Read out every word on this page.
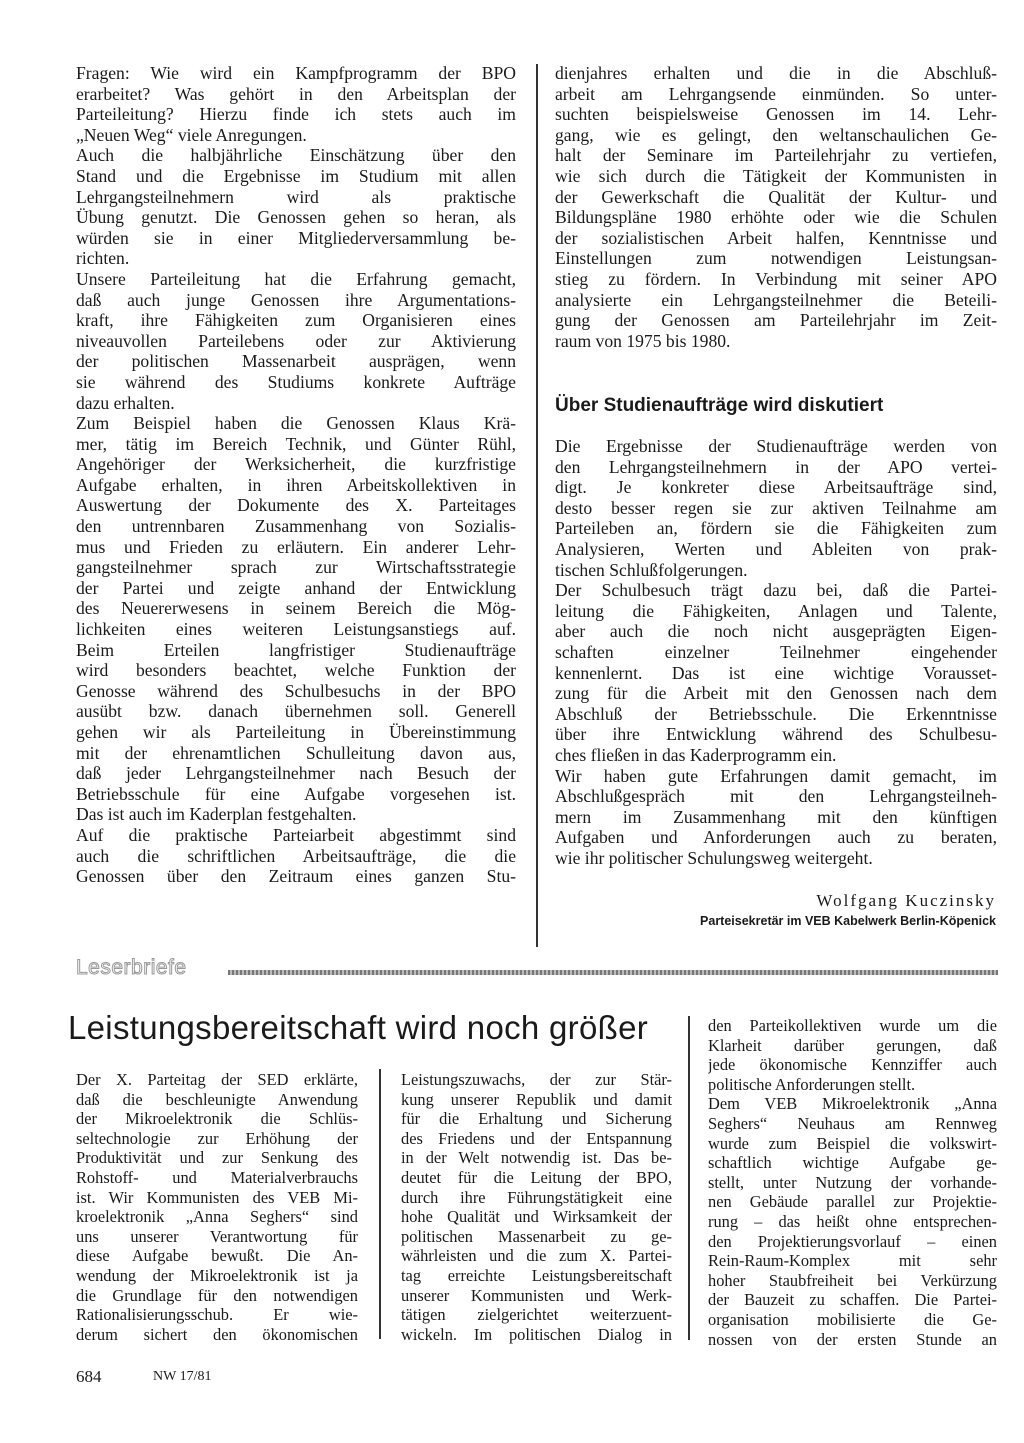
Fragen: Wie wird ein Kampfprogramm der BPO
erarbeitet? Was gehört in den Arbeitsplan der
Parteileitung? Hierzu finde ich stets auch im
„Neuen Weg“ viele Anregungen.
Auch die halbjährliche Einschätzung über den
Stand und die Ergebnisse im Studium mit allen
Lehrgangsteilnehmern wird als praktische
Übung genutzt. Die Genossen gehen so heran, als
würden sie in einer Mitgliederversammlung be-
richten.
Unsere Parteileitung hat die Erfahrung gemacht,
daß auch junge Genossen ihre Argumentations-
kraft, ihre Fähigkeiten zum Organisieren eines
niveauvollen Parteilebens oder zur Aktivierung
der politischen Massenarbeit ausprägen, wenn
sie während des Studiums konkrete Aufträge
dazu erhalten.
Zum Beispiel haben die Genossen Klaus Krä-
mer, tätig im Bereich Technik, und Günter Rühl,
Angehöriger der Werksicherheit, die kurzfristige
Aufgabe erhalten, in ihren Arbeitskollektiven in
Auswertung der Dokumente des X. Parteitages
den untrennbaren Zusammenhang von Sozialis-
mus und Frieden zu erläutern. Ein anderer Lehr-
gangsteilnehmer sprach zur Wirtschaftsstrategie
der Partei und zeigte anhand der Entwicklung
des Neuererwesens in seinem Bereich die Mög-
lichkeiten eines weiteren Leistungsanstiegs auf.
Beim Erteilen langfristiger Studienaufträge
wird besonders beachtet, welche Funktion der
Genosse während des Schulbesuchs in der BPO
ausübt bzw. danach übernehmen soll. Generell
gehen wir als Parteileitung in Übereinstimmung
mit der ehrenamtlichen Schulleitung davon aus,
daß jeder Lehrgangsteilnehmer nach Besuch der
Betriebsschule für eine Aufgabe vorgesehen ist.
Das ist auch im Kaderplan festgehalten.
Auf die praktische Parteiarbeit abgestimmt sind
auch die schriftlichen Arbeitsaufträge, die die
Genossen über den Zeitraum eines ganzen Stu-
dienjahres erhalten und die in die Abschluß-
arbeit am Lehrgangsende einmünden. So unter-
suchten beispielsweise Genossen im 14. Lehr-
gang, wie es gelingt, den weltanschaulichen Ge-
halt der Seminare im Parteilehrjahr zu vertiefen,
wie sich durch die Tätigkeit der Kommunisten in
der Gewerkschaft die Qualität der Kultur- und
Bildungspläne 1980 erhöhte oder wie die Schulen
der sozialistischen Arbeit halfen, Kenntnisse und
Einstellungen zum notwendigen Leistungsan-
stieg zu fördern. In Verbindung mit seiner APO
analysierte ein Lehrgangsteilnehmer die Beteili-
gung der Genossen am Parteilehrjahr im Zeit-
raum von 1975 bis 1980.
Über Studienaufträge wird diskutiert
Die Ergebnisse der Studienaufträge werden von
den Lehrgangsteilnehmern in der APO vertei-
digt. Je konkreter diese Arbeitsaufträge sind,
desto besser regen sie zur aktiven Teilnahme am
Parteileben an, fördern sie die Fähigkeiten zum
Analysieren, Werten und Ableiten von prak-
tischen Schlußfolgerungen.
Der Schulbesuch trägt dazu bei, daß die Partei-
leitung die Fähigkeiten, Anlagen und Talente,
aber auch die noch nicht ausgeprägten Eigen-
schaften einzelner Teilnehmer eingehender
kennenlernt. Das ist eine wichtige Vorausset-
zung für die Arbeit mit den Genossen nach dem
Abschluß der Betriebsschule. Die Erkenntnisse
über ihre Entwicklung während des Schulbesu-
ches fließen in das Kaderprogramm ein.
Wir haben gute Erfahrungen damit gemacht, im
Abschlußgespräch mit den Lehrgangsteilneh-
mern im Zusammenhang mit den künftigen
Aufgaben und Anforderungen auch zu beraten,
wie ihr politischer Schulungsweg weitergeht.
Wolfgang Kuczinsky
Parteisekretär im VEB Kabelwerk Berlin-Köpenick
Leserbriefe
Leistungsbereitschaft wird noch größer
Der X. Parteitag der SED erklärte,
daß die beschleunigte Anwendung
der Mikroelektronik die Schlüs-
seltechnologie zur Erhöhung der
Produktivität und zur Senkung des
Rohstoff- und Materialverbrauchs
ist. Wir Kommunisten des VEB Mi-
kroelektronik „Anna Seghers“ sind
uns unserer Verantwortung für
diese Aufgabe bewußt. Die An-
wendung der Mikroelektronik ist ja
die Grundlage für den notwendigen
Rationalisierungsschub. Er wie-
derum sichert den ökonomischen
Leistungszuwachs, der zur Stär-
kung unserer Republik und damit
für die Erhaltung und Sicherung
des Friedens und der Entspannung
in der Welt notwendig ist. Das be-
deutet für die Leitung der BPO,
durch ihre Führungstätigkeit eine
hohe Qualität und Wirksamkeit der
politischen Massenarbeit zu ge-
währleisten und die zum X. Partei-
tag erreichte Leistungsbereitschaft
unserer Kommunisten und Werk-
tätigen zielgerichtet weiterzuent-
wickeln. Im politischen Dialog in
den Parteikollektiven wurde um die
Klarheit darüber gerungen, daß
jede ökonomische Kennziffer auch
politische Anforderungen stellt.
Dem VEB Mikroelektronik „Anna
Seghers“ Neuhaus am Rennweg
wurde zum Beispiel die volkswirt-
schaftlich wichtige Aufgabe ge-
stellt, unter Nutzung der vorhande-
nen Gebäude parallel zur Projektie-
rung – das heißt ohne entsprechen-
den Projektierungsvorlauf – einen
Rein-Raum-Komplex mit sehr
hoher Staubfreiheit bei Verkürzung
der Bauzeit zu schaffen. Die Partei-
organisation mobilisierte die Ge-
nossen von der ersten Stunde an
684	NW 17/81
